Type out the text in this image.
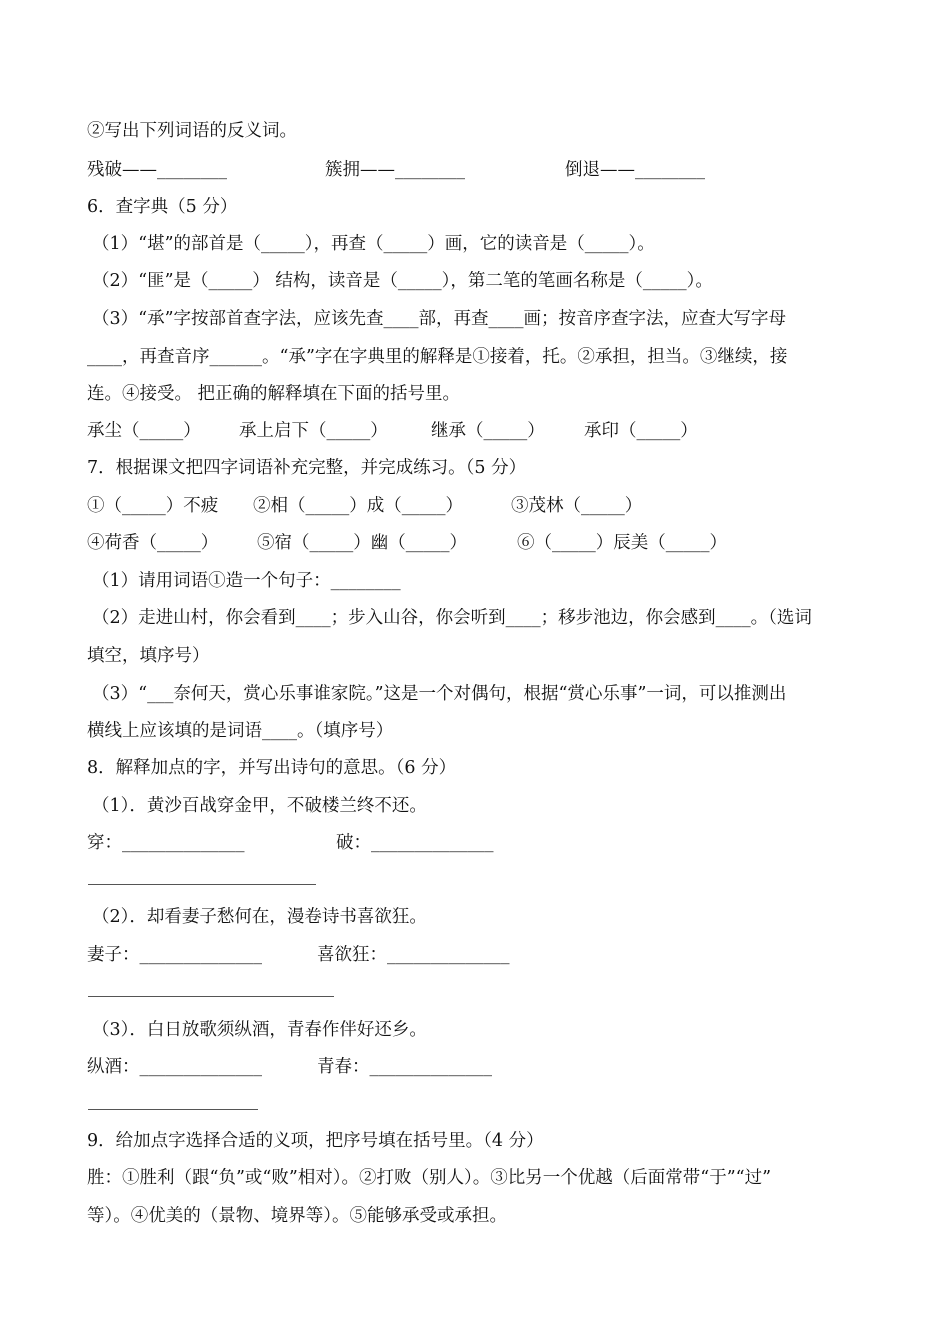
②写出下列词语的反义词。
残破——________	簇拥——________	倒退——________
6．查字典（5 分）
（1）“堪”的部首是（_____），再查（_____）画，它的读音是（_____）。
（2）“匪”是（_____） 结构，读音是（_____），第二笔的笔画名称是（_____）。
（3）“承”字按部首查字法，应该先查____部，再查____画；按音序查字法，应查大写字母
____，再查音序______。“承”字在字典里的解释是①接着，托。②承担，担当。③继续，接
连。④接受。 把正确的解释填在下面的括号里。
承尘（_____） 承上启下（_____） 继承（_____） 承印（_____）
7．根据课文把四字词语补充完整，并完成练习。（5 分）
①（_____）不疲 ②相（_____）成（_____）	③茂林（_____）
④荷香（_____） ⑤宿（_____）幽（_____）	⑥（_____）辰美（_____）
（1）请用词语①造一个句子：________
（2）走进山村，你会看到____；步入山谷，你会听到____；移步池边，你会感到____。（选词
填空，填序号）
（3）“___奈何天，赏心乐事谁家院。”这是一个对偶句，根据“赏心乐事”一词，可以推测出
横线上应该填的是词语____。（填序号）
8．解释加点的字，并写出诗句的意思。（6 分）
（1）．黄沙百战穿金甲，不破楼兰终不还。
穿：______________	破：______________
（2）．却看妻子愁何在，漫卷诗书喜欲狂。
妻子：______________	喜欲狂：______________
（3）．白日放歌须纵酒，青春作伴好还乡。
纵酒：______________	青春：______________
9．给加点字选择合适的义项，把序号填在括号里。（4 分）
胜：①胜利（跟“负”或“败”相对）。②打败（别人）。③比另一个优越（后面常带“于”“过”
等）。④优美的（景物、境界等）。⑤能够承受或承担。
